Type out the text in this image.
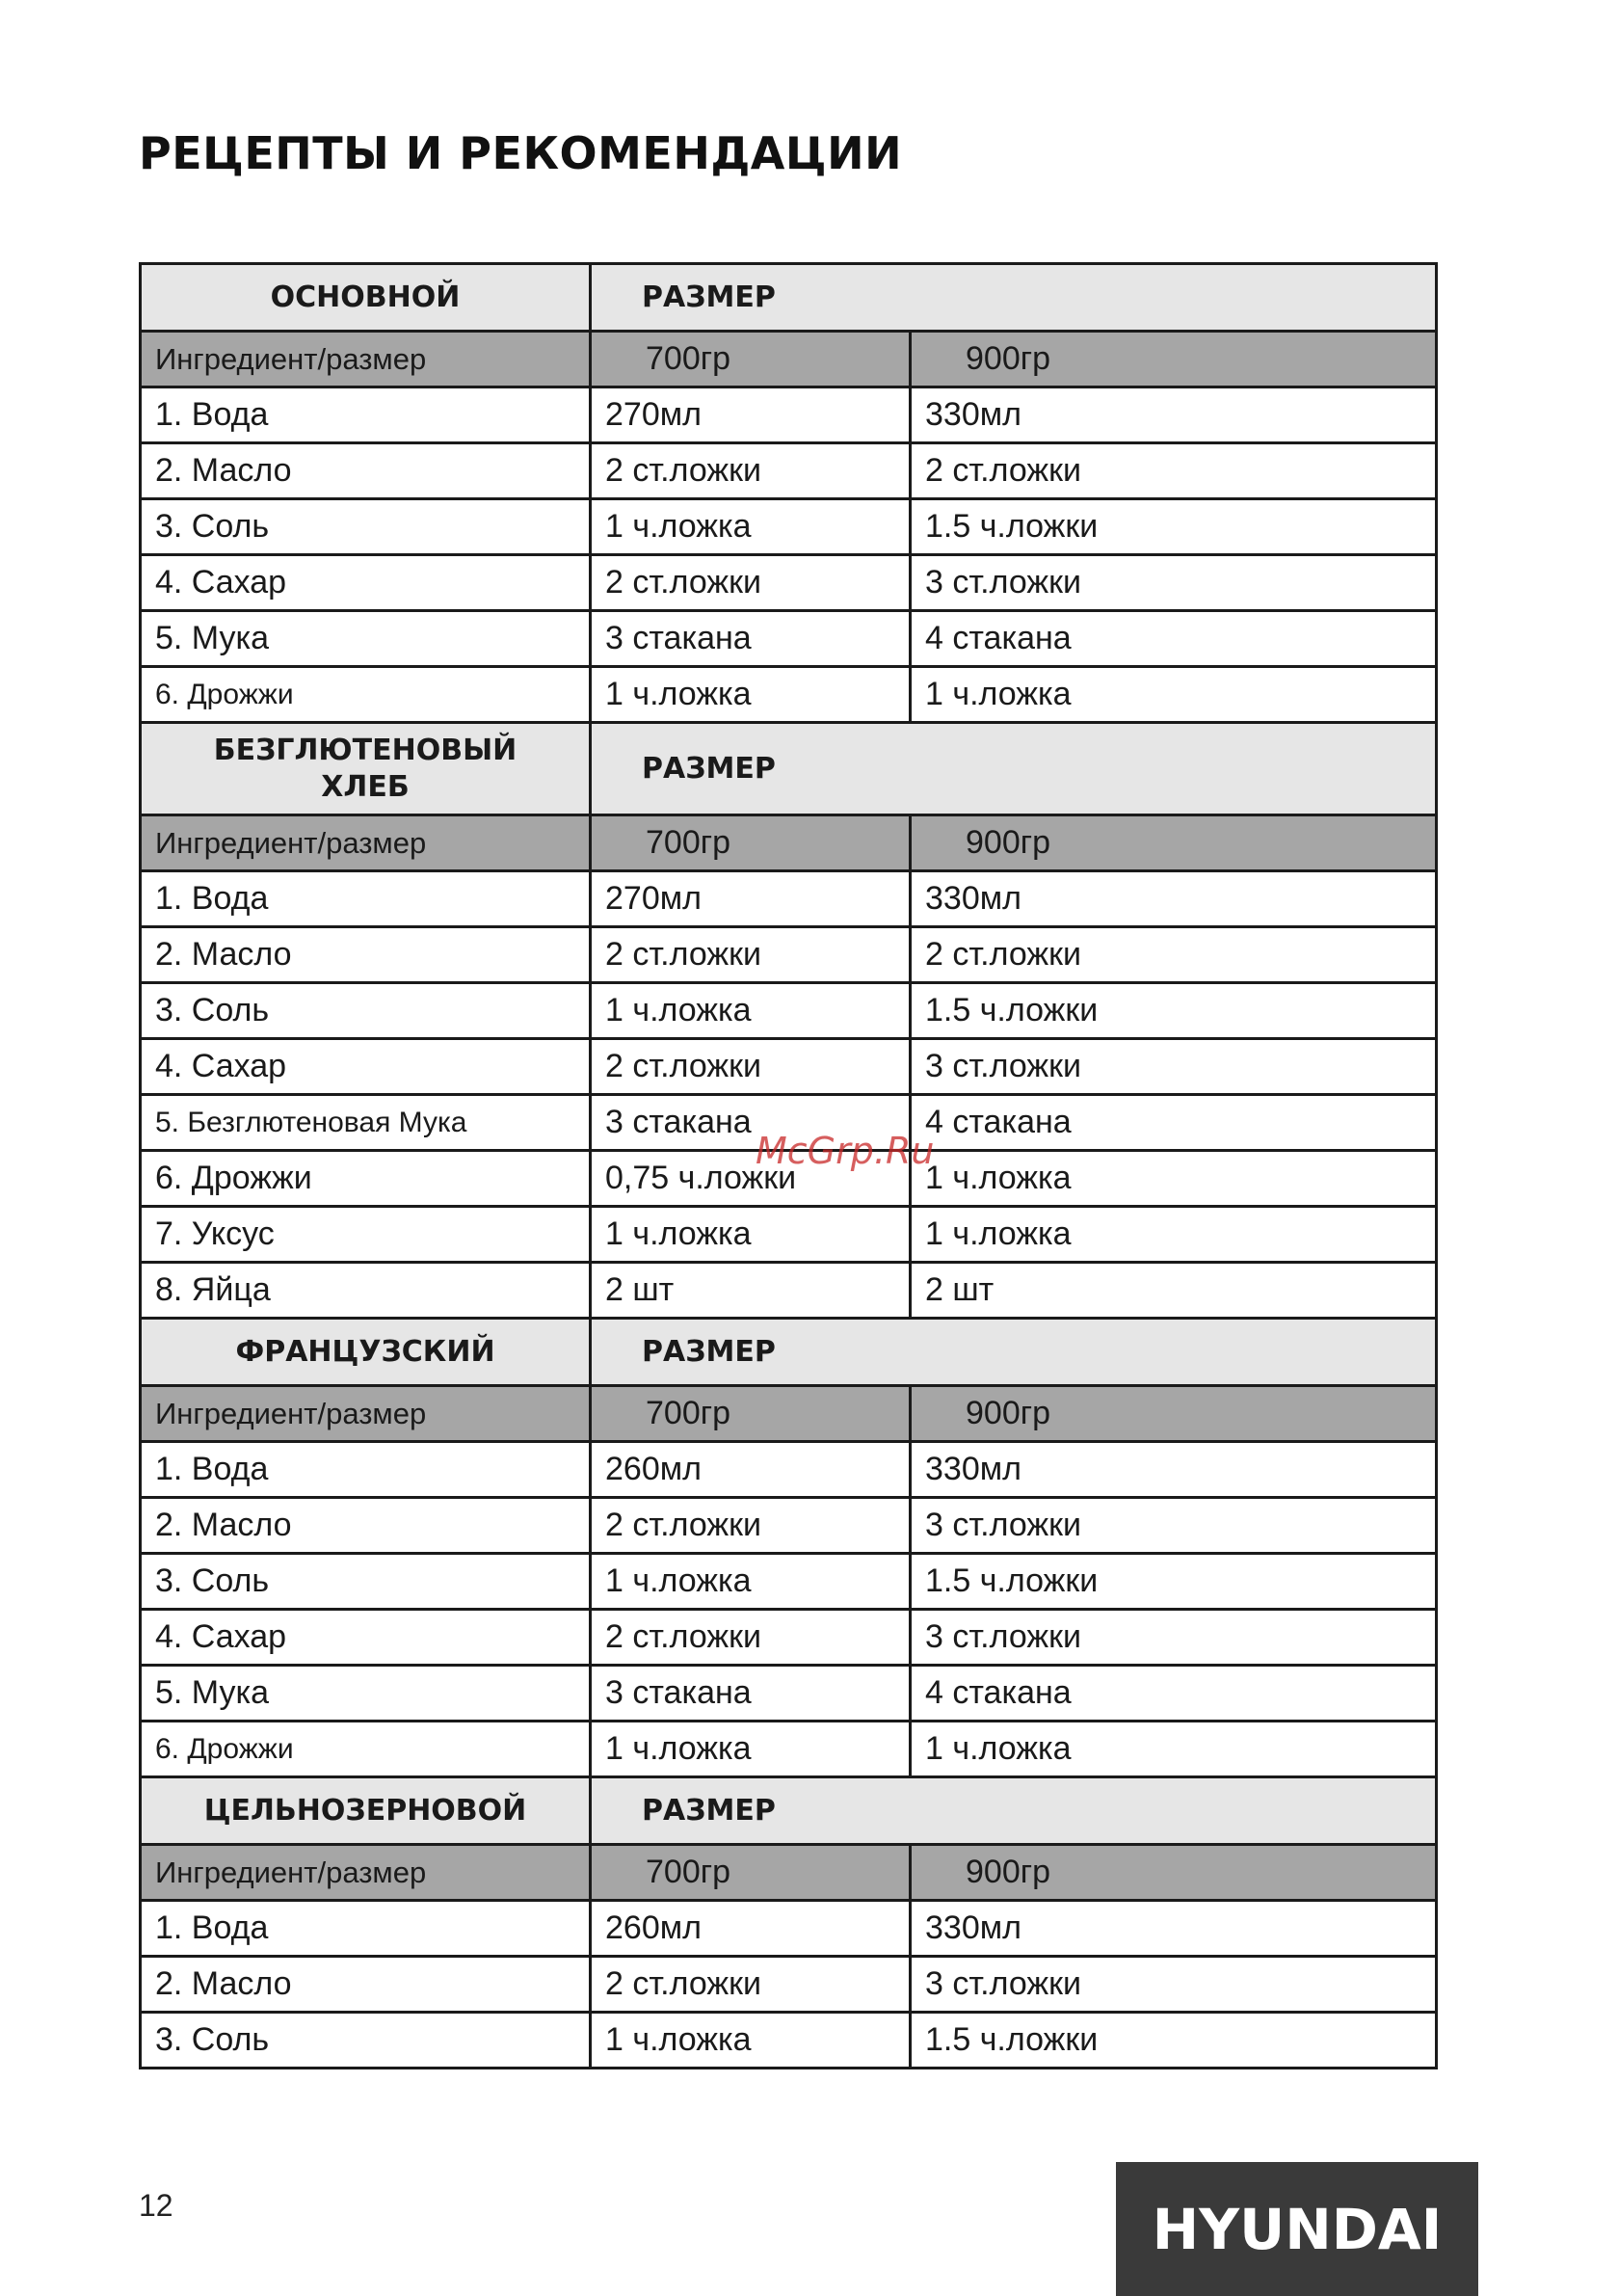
РЕЦЕПТЫ И РЕКОМЕНДАЦИИ
ОСНОВНОЙ	РАЗМЕР	
Ингредиент/размер	700гр	900гр
1. Вода	270мл	330мл
2. Масло	2 ст.ложки	2 ст.ложки
3. Соль	1 ч.ложка	1.5 ч.ложки
4. Сахар	2 ст.ложки	3 ст.ложки
5. Мука	3 стакана	4 стакана
6. Дрожжи	1 ч.ложка	1 ч.ложка
БЕЗГЛЮТЕНОВЫЙ ХЛЕБ	РАЗМЕР	
Ингредиент/размер	700гр	900гр
1. Вода	270мл	330мл
2. Масло	2 ст.ложки	2 ст.ложки
3. Соль	1 ч.ложка	1.5 ч.ложки
4. Сахар	2 ст.ложки	3 ст.ложки
5. Безглютеновая Мука	3 стакана	4 стакана
6. Дрожжи	0,75 ч.ложки	1 ч.ложка
7. Уксус	1 ч.ложка	1 ч.ложка
8. Яйца	2 шт	2 шт
ФРАНЦУЗСКИЙ	РАЗМЕР	
Ингредиент/размер	700гр	900гр
1. Вода	260мл	330мл
2. Масло	2 ст.ложки	3 ст.ложки
3. Соль	1 ч.ложка	1.5 ч.ложки
4. Сахар	2 ст.ложки	3 ст.ложки
5. Мука	3 стакана	4 стакана
6. Дрожжи	1 ч.ложка	1 ч.ложка
ЦЕЛЬНОЗЕРНОВОЙ	РАЗМЕР	
Ингредиент/размер	700гр	900гр
1. Вода	260мл	330мл
2. Масло	2 ст.ложки	3 ст.ложки
3. Соль	1 ч.ложка	1.5 ч.ложки
McGrp.Ru
12	HYUNDAI
